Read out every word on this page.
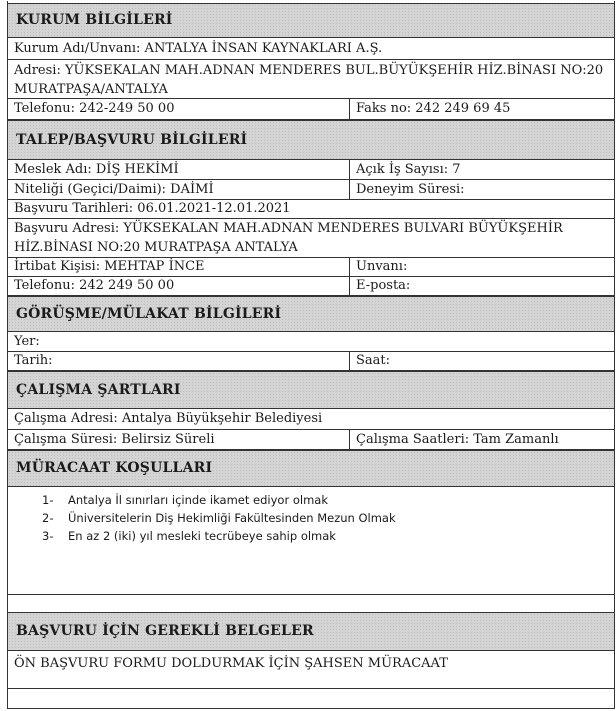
KURUM BİLGİLERİ
Kurum Adı/Unvanı: ANTALYA İNSAN KAYNAKLARI A.Ş.
Adresi: YÜKSEKALAN MAH.ADNAN MENDERES BUL.BÜYÜKŞEHİR HİZ.BİNASI NO:20
MURATPAŞA/ANTALYA
Telefonu: 242-249 50 00	Faks no: 242 249 69 45
TALEP/BAŞVURU BİLGİLERİ
Meslek Adı: DİŞ HEKİMİ	Açık İş Sayısı: 7
Niteliği (Geçici/Daimi): DAİMİ	Deneyim Süresi:
Başvuru Tarihleri: 06.01.2021-12.01.2021
Başvuru Adresi: YÜKSEKALAN MAH.ADNAN MENDERES BULVARI BÜYÜKŞEHİR
HİZ.BİNASI NO:20 MURATPAŞA ANTALYA
İrtibat Kişisi: MEHTAP İNCE	Unvanı:
Telefonu: 242 249 50 00	E-posta:
GÖRÜŞME/MÜLAKAT BİLGİLERİ
Yer:
Tarih:	Saat:
ÇALIŞMA ŞARTLARI
Çalışma Adresi: Antalya Büyükşehir Belediyesi
Çalışma Süresi: Belirsiz Süreli	Çalışma Saatleri: Tam Zamanlı
MÜRACAAT KOŞULLARI
1- Antalya İl sınırları içinde ikamet ediyor olmak
2- Üniversitelerin Diş Hekimliği Fakültesinden Mezun Olmak
3- En az 2 (iki) yıl mesleki tecrübeye sahip olmak
BAŞVURU İÇİN GEREKLİ BELGELER
ÖN BAŞVURU FORMU DOLDURMAK İÇİN ŞAHSEN MÜRACAAT
